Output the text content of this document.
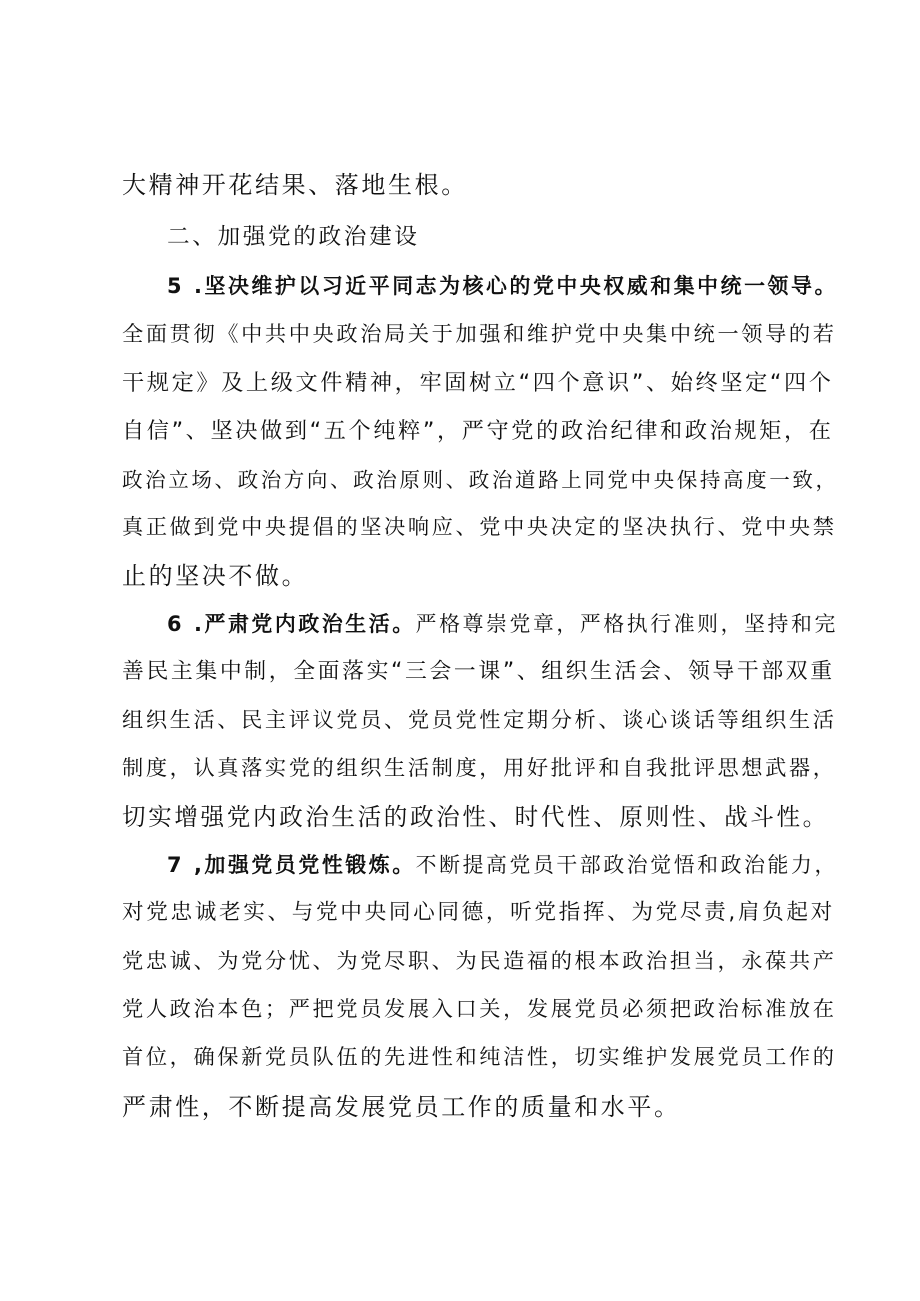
大精神开花结果、落地生根。
二、加强党的政治建设
5 .坚决维护以习近平同志为核心的党中央权威和集中统一领导。
全面贯彻《中共中央政治局关于加强和维护党中央集中统一领导的若
干规定》及上级文件精神，牢固树立“四个意识”、始终坚定“四个
自信”、坚决做到“五个纯粹”，严守党的政治纪律和政治规矩，在
政治立场、政治方向、政治原则、政治道路上同党中央保持高度一致，
真正做到党中央提倡的坚决响应、党中央决定的坚决执行、党中央禁
止的坚决不做。
6 .严肃党内政治生活。严格尊崇党章，严格执行准则，坚持和完
善民主集中制，全面落实“三会一课”、组织生活会、领导干部双重
组织生活、民主评议党员、党员党性定期分析、谈心谈话等组织生活
制度，认真落实党的组织生活制度，用好批评和自我批评思想武器，
切实增强党内政治生活的政治性、时代性、原则性、战斗性。
7 ,加强党员党性锻炼。不断提高党员干部政治觉悟和政治能力，
对党忠诚老实、与党中央同心同德，听党指挥、为党尽责,肩负起对
党忠诚、为党分忧、为党尽职、为民造福的根本政治担当，永葆共产
党人政治本色；严把党员发展入口关，发展党员必须把政治标准放在
首位，确保新党员队伍的先进性和纯洁性，切实维护发展党员工作的
严肃性，不断提高发展党员工作的质量和水平。
